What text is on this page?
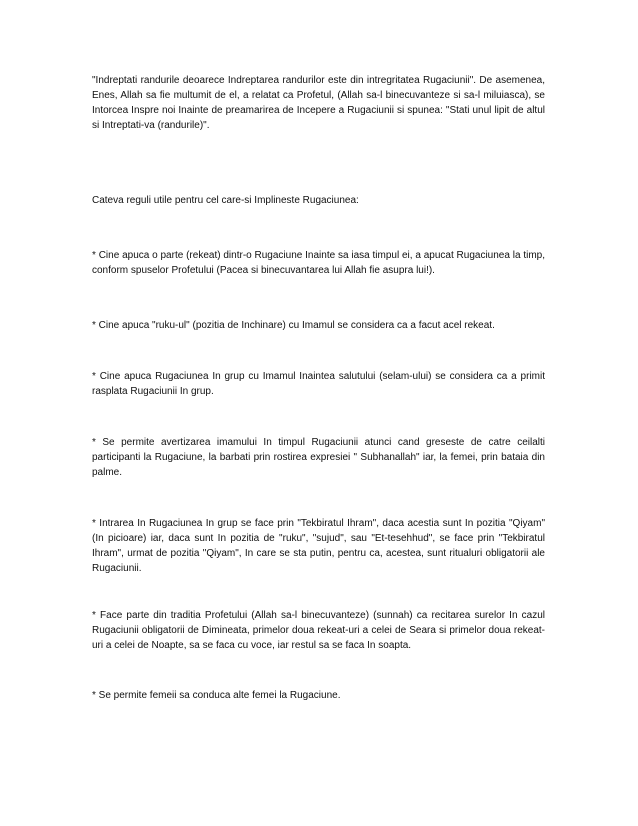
"Indreptati randurile deoarece Indreptarea randurilor este din intregritatea Rugaciunii". De asemenea, Enes, Allah sa fie multumit de el, a relatat ca Profetul, (Allah sa-l binecuvanteze si sa-l miluiasca), se Intorcea Inspre noi Inainte de preamarirea de Incepere a Rugaciunii si spunea: "Stati unul lipit de altul si Intreptati-va (randurile)".

Cateva reguli utile pentru cel care-si Implineste Rugaciunea:

* Cine apuca o parte (rekeat) dintr-o Rugaciune Inainte sa iasa timpul ei, a apucat Rugaciunea la timp, conform spuselor Profetului (Pacea si binecuvantarea lui Allah fie asupra lui!).

* Cine apuca "ruku-ul" (pozitia de Inchinare) cu Imamul se considera ca a facut acel rekeat.

* Cine apuca Rugaciunea In grup cu Imamul Inaintea salutului (selam-ului) se considera ca a primit rasplata Rugaciunii In grup.

* Se permite avertizarea imamului In timpul Rugaciunii atunci cand greseste de catre ceilalti participanti la Rugaciune, la barbati prin rostirea expresiei " Subhanallah" iar, la femei, prin bataia din palme.

* Intrarea In Rugaciunea In grup se face prin "Tekbiratul Ihram", daca acestia sunt In pozitia "Qiyam" (In picioare) iar, daca sunt In pozitia de "ruku", "sujud", sau "Et-tesehhud", se face prin "Tekbiratul Ihram", urmat de pozitia "Qiyam", In care se sta putin, pentru ca, acestea, sunt ritualuri obligatorii ale Rugaciunii.

* Face parte din traditia Profetului (Allah sa-l binecuvanteze) (sunnah) ca recitarea surelor In cazul Rugaciunii obligatorii de Dimineata, primelor doua rekeat-uri a celei de Seara si primelor doua rekeat-uri a celei de Noapte, sa se faca cu voce, iar restul sa se faca In soapta.

* Se permite femeii sa conduca alte femei la Rugaciune.
